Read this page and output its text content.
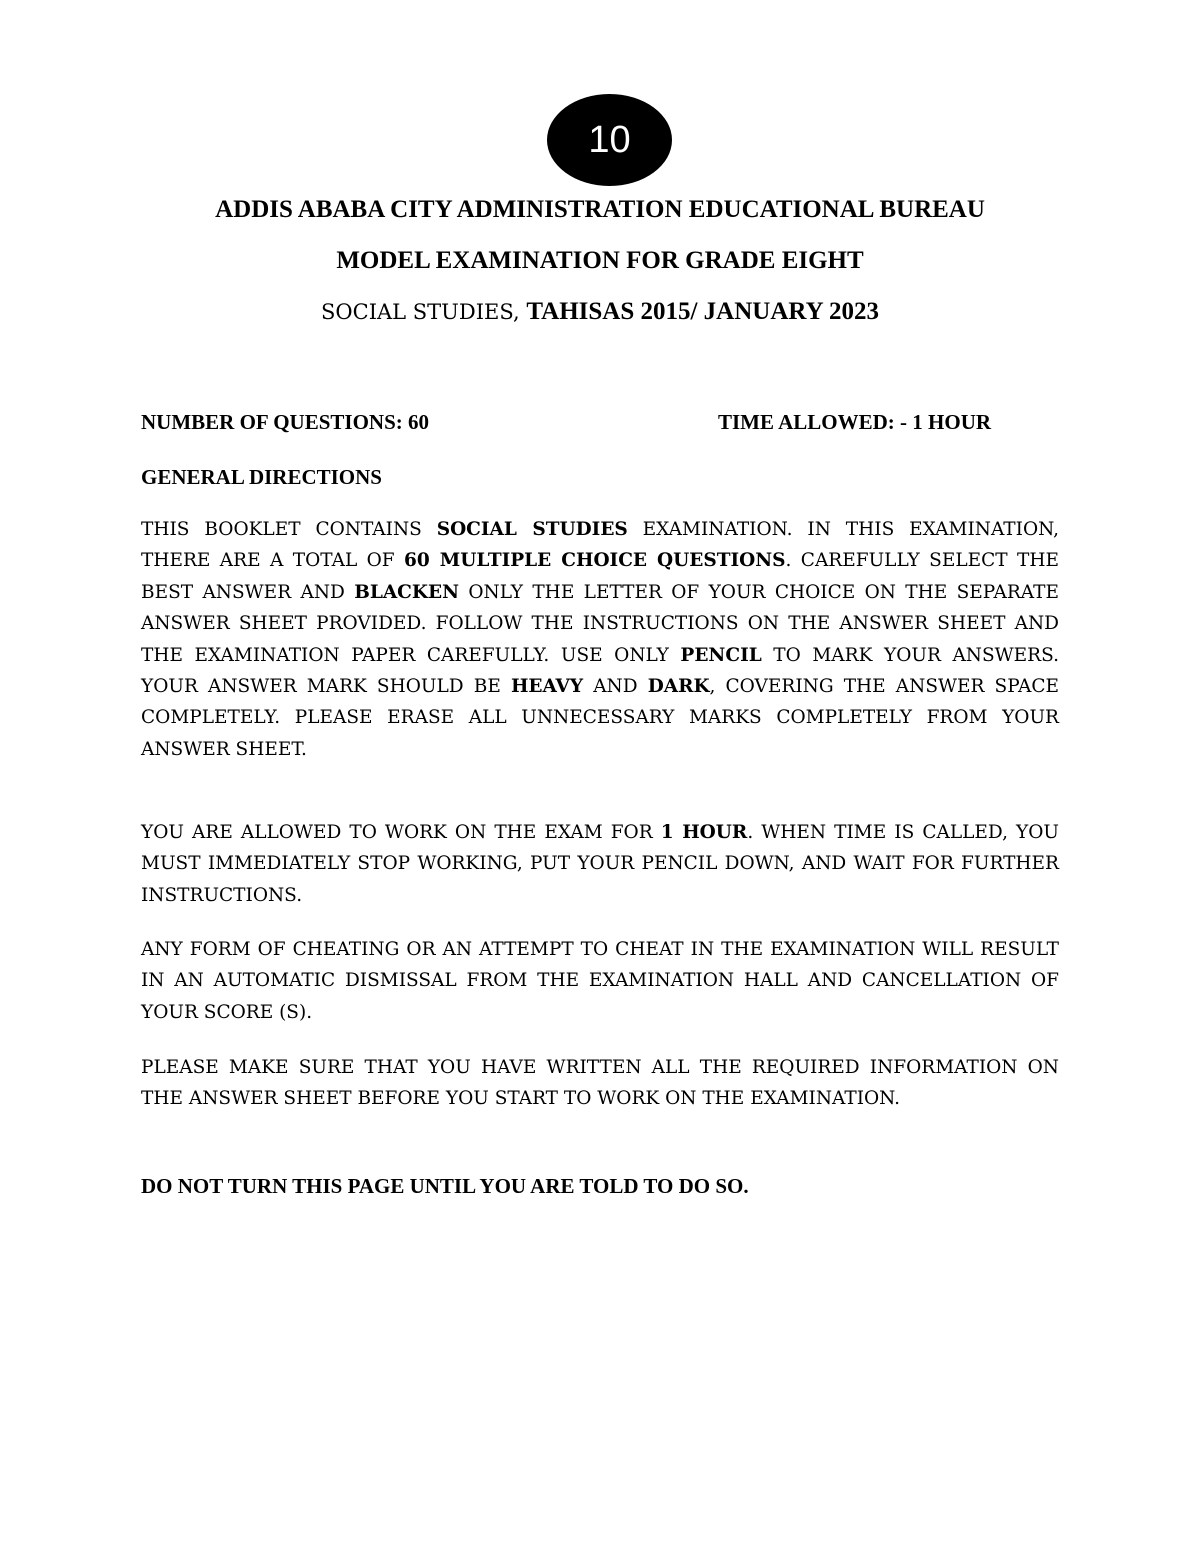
10
ADDIS ABABA CITY ADMINISTRATION EDUCATIONAL BUREAU
MODEL EXAMINATION FOR GRADE EIGHT
SOCIAL STUDIES, TAHISAS 2015/ JANUARY 2023
NUMBER OF QUESTIONS: 60	TIME ALLOWED: - 1 HOUR
GENERAL DIRECTIONS

THIS BOOKLET CONTAINS SOCIAL STUDIES EXAMINATION. IN THIS EXAMINATION, THERE ARE A TOTAL OF 60 MULTIPLE CHOICE QUESTIONS. CAREFULLY SELECT THE BEST ANSWER AND BLACKEN ONLY THE LETTER OF YOUR CHOICE ON THE SEPARATE ANSWER SHEET PROVIDED. FOLLOW THE INSTRUCTIONS ON THE ANSWER SHEET AND THE EXAMINATION PAPER CAREFULLY. USE ONLY PENCIL TO MARK YOUR ANSWERS. YOUR ANSWER MARK SHOULD BE HEAVY AND DARK, COVERING THE ANSWER SPACE COMPLETELY. PLEASE ERASE ALL UNNECESSARY MARKS COMPLETELY FROM YOUR ANSWER SHEET.

YOU ARE ALLOWED TO WORK ON THE EXAM FOR 1 HOUR. WHEN TIME IS CALLED, YOU MUST IMMEDIATELY STOP WORKING, PUT YOUR PENCIL DOWN, AND WAIT FOR FURTHER INSTRUCTIONS.

ANY FORM OF CHEATING OR AN ATTEMPT TO CHEAT IN THE EXAMINATION WILL RESULT IN AN AUTOMATIC DISMISSAL FROM THE EXAMINATION HALL AND CANCELLATION OF YOUR SCORE (S).

PLEASE MAKE SURE THAT YOU HAVE WRITTEN ALL THE REQUIRED INFORMATION ON THE ANSWER SHEET BEFORE YOU START TO WORK ON THE EXAMINATION.

DO NOT TURN THIS PAGE UNTIL YOU ARE TOLD TO DO SO.
